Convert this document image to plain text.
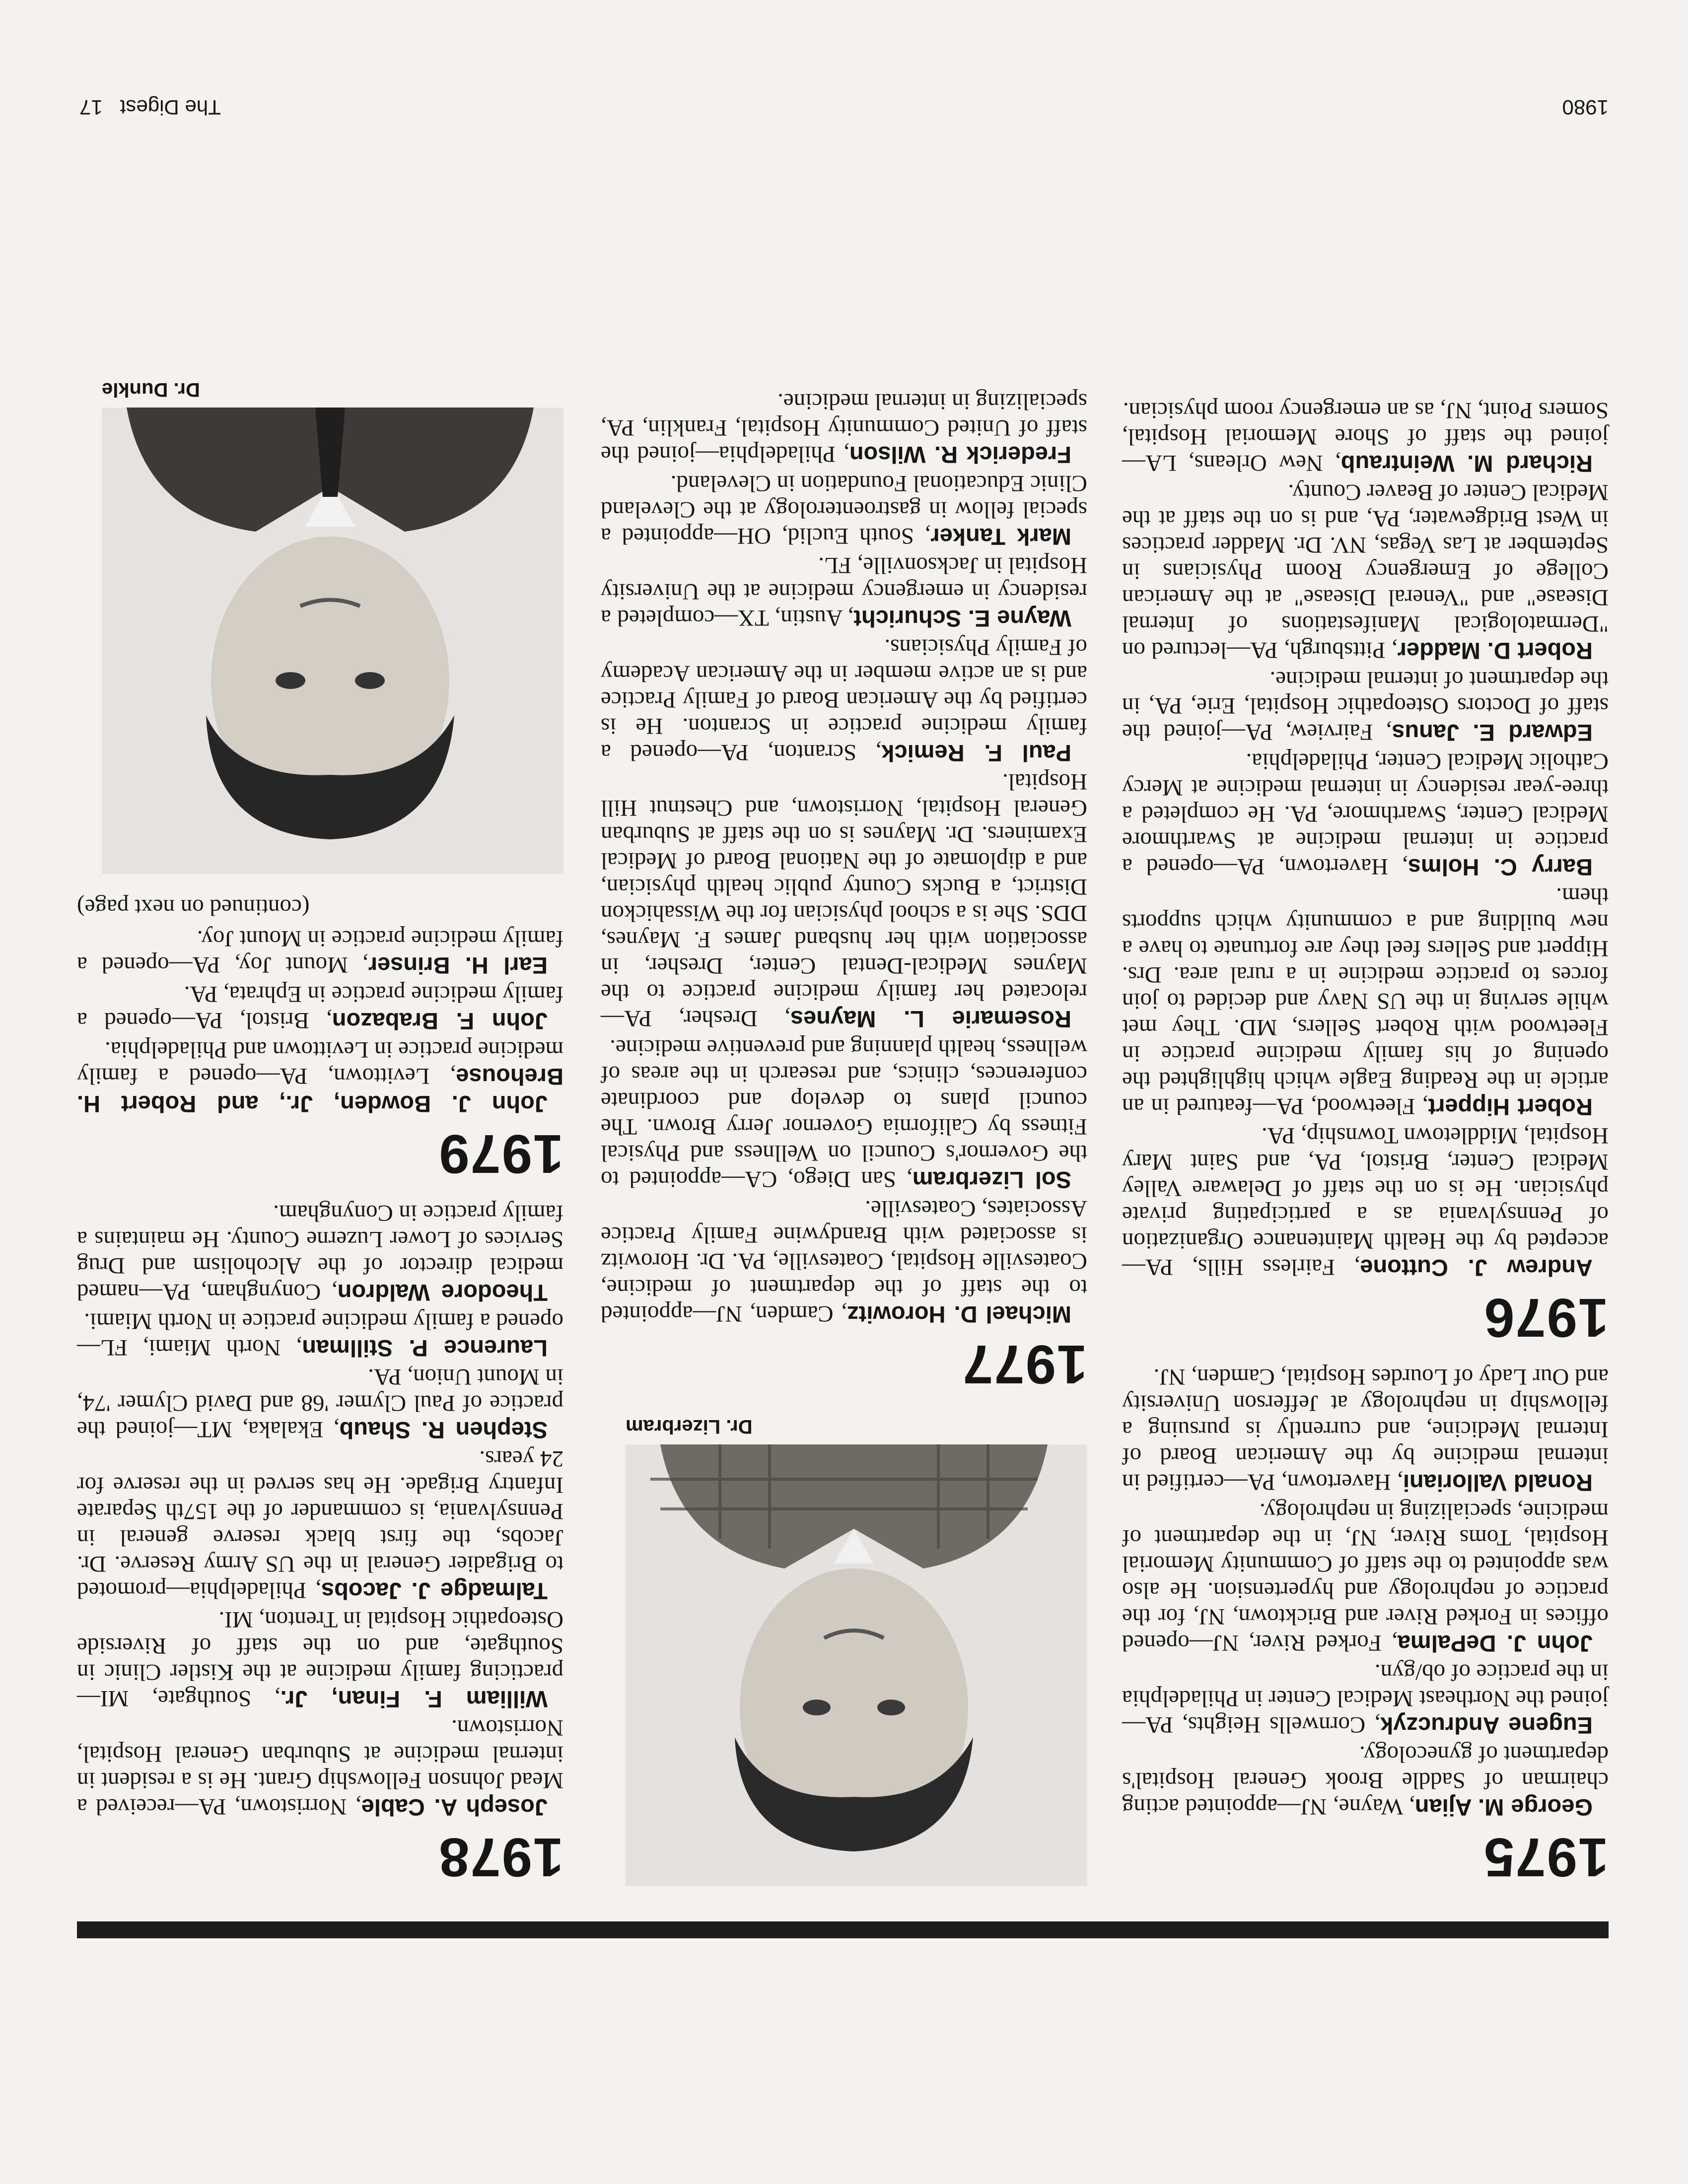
1975

George M. Ajian, Wayne, NJ—appointed acting chairman of Saddle Brook General Hospital's department of gynecology.

Eugene Andruczyk, Cornwells Heights, PA—joined the Northeast Medical Center in Philadelphia in the practice of ob/gyn.

John J. DePalma, Forked River, NJ—opened offices in Forked River and Bricktown, NJ, for the practice of nephrology and hypertension. He also was appointed to the staff of Community Memorial Hospital, Toms River, NJ, in the department of medicine, specializing in nephrology.

Ronald Valloriani, Havertown, PA—certified in internal medicine by the American Board of Internal Medicine, and currently is pursuing a fellowship in nephrology at Jefferson University and Our Lady of Lourdes Hospital, Camden, NJ.

1976

Andrew J. Cuttone, Fairless Hills, PA—accepted by the Health Maintenance Organization of Pennsylvania as a participating private physician. He is on the staff of Delaware Valley Medical Center, Bristol, PA, and Saint Mary Hospital, Middletown Township, PA.

Robert Hippert, Fleetwood, PA—featured in an article in the Reading Eagle which highlighted the opening of his family medicine practice in Fleetwood with Robert Sellers, MD. They met while serving in the US Navy and decided to join forces to practice medicine in a rural area. Drs. Hippert and Sellers feel they are fortunate to have a new building and a community which supports them.

Barry C. Holms, Havertown, PA—opened a practice in internal medicine at Swarthmore Medical Center, Swarthmore, PA. He completed a three-year residency in internal medicine at Mercy Catholic Medical Center, Philadelphia.

Edward E. Janus, Fairview, PA—joined the staff of Doctors Osteopathic Hospital, Erie, PA, in the department of internal medicine.

Robert D. Madder, Pittsburgh, PA—lectured on "Dermatological Manifestations of Internal Disease" and "Veneral Disease" at the American College of Emergency Room Physicians in September at Las Vegas, NV. Dr. Madder practices in West Bridgewater, PA, and is on the staff at the Medical Center of Beaver County.

Richard M. Weintraub, New Orleans, LA—joined the staff of Shore Memorial Hospital, Somers Point, NJ, as an emergency room physician.

Dr. Lizerbram
1977

Michael D. Horowitz, Camden, NJ—appointed to the staff of the department of medicine, Coatesville Hospital, Coatesville, PA. Dr. Horowitz is associated with Brandywine Family Practice Associates, Coatesville.

Sol Lizerbram, San Diego, CA—appointed to the Governor's Council on Wellness and Physical Fitness by California Governor Jerry Brown. The council plans to develop and coordinate conferences, clinics, and research in the areas of wellness, health planning and preventive medicine.

Rosemarie L. Maynes, Dresher, PA—relocated her family medicine practice to the Maynes Medical-Dental Center, Dresher, in association with her husband James F. Maynes, DDS. She is a school physician for the Wissahickon District, a Bucks County public health physician, and a diplomate of the National Board of Medical Examiners. Dr. Maynes is on the staff at Suburban General Hospital, Norristown, and Chestnut Hill Hospital.

Paul F. Remick, Scranton, PA—opened a family medicine practice in Scranton. He is certified by the American Board of Family Practice and is an active member in the American Academy of Family Physicians.

Wayne E. Schuricht, Austin, TX—completed a residency in emergency medicine at the University Hospital in Jacksonville, FL.

Mark Tanker, South Euclid, OH—appointed a special fellow in gastroenterology at the Cleveland Clinic Educational Foundation in Cleveland.

Frederick R. Wilson, Philadelphia—joined the staff of United Community Hospital, Franklin, PA, specializing in internal medicine.

1978

Joseph A. Cable, Norristown, PA—received a Mead Johnson Fellowship Grant. He is a resident in internal medicine at Suburban General Hospital, Norristown.

William F. Finan, Jr., Southgate, MI—practicing family medicine at the Kistler Clinic in Southgate, and on the staff of Riverside Osteopathic Hospital in Trenton, MI.

Talmadge J. Jacobs, Philadelphia—promoted to Brigadier General in the US Army Reserve. Dr. Jacobs, the first black reserve general in Pennsylvania, is commander of the 157th Separate Infantry Brigade. He has served in the reserve for 24 years.

Stephen R. Shaub, Ekalaka, MT—joined the practice of Paul Clymer '68 and David Clymer '74, in Mount Union, PA.

Laurence P. Stillman, North Miami, FL—opened a family medicine practice in North Miami.

Theodore Waldron, Conyngham, PA—named medical director of the Alcoholism and Drug Services of Lower Luzerne County. He maintains a family practice in Conyngham.

1979

John J. Bowden, Jr., and Robert H. Brehouse, Levittown, PA—opened a family medicine practice in Levittown and Philadelphia.

John F. Brabazon, Bristol, PA—opened a family medicine practice in Ephrata, PA.

Earl H. Brinser, Mount Joy, PA—opened a family medicine practice in Mount Joy.

(continued on next page)
Dr. Dunkle
1980
The Digest   17
